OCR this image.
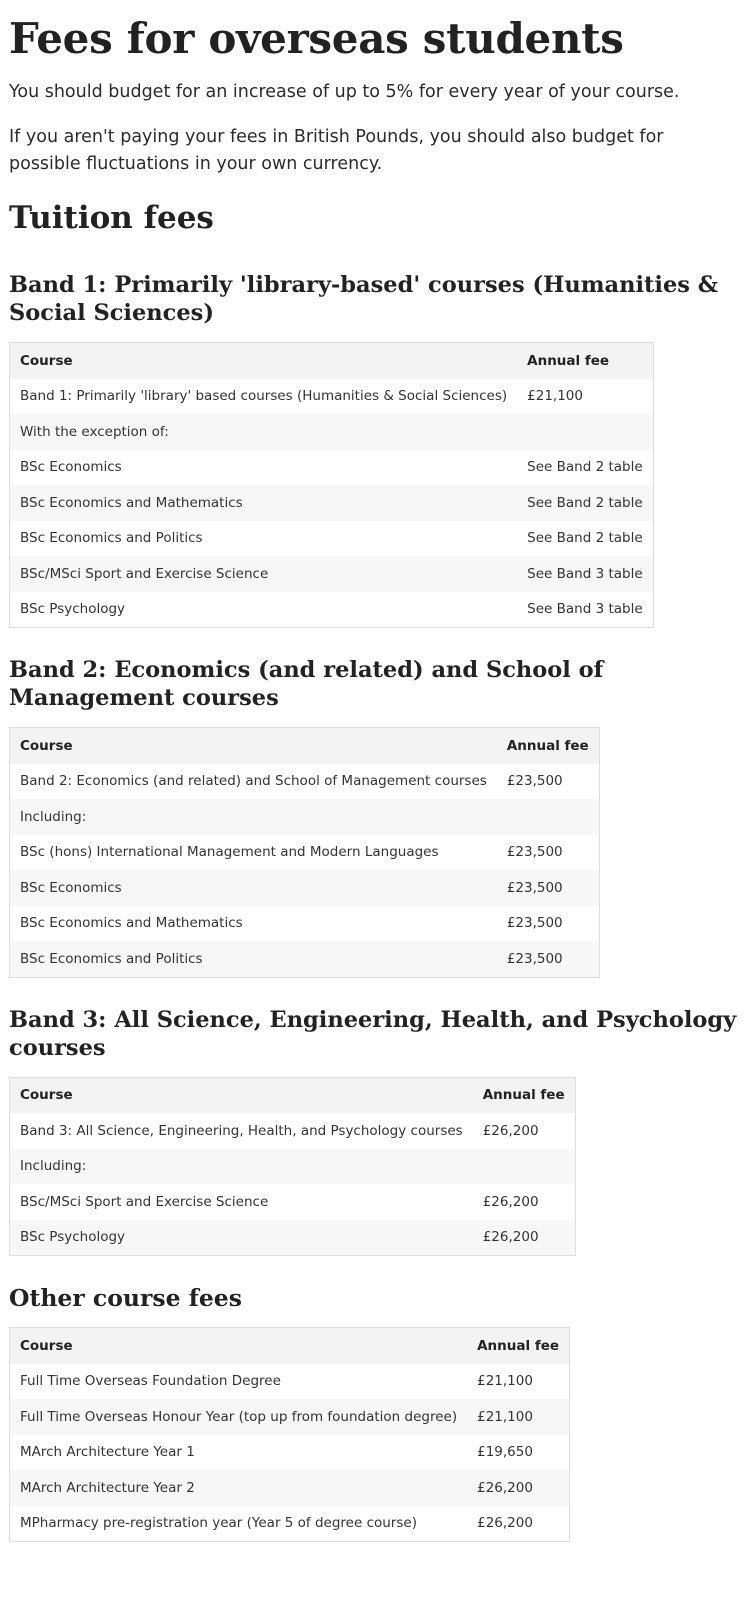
Fees for overseas students

You should budget for an increase of up to 5% for every year of your course.

If you aren't paying your fees in British Pounds, you should also budget for possible fluctuations in your own currency.

Tuition fees
Band 1: Primarily 'library-based' courses (Humanities & Social Sciences)
Course	Annual fee
Band 1: Primarily 'library' based courses (Humanities & Social Sciences)	£21,100
With the exception of:	
BSc Economics	See Band 2 table
BSc Economics and Mathematics	See Band 2 table
BSc Economics and Politics	See Band 2 table
BSc/MSci Sport and Exercise Science	See Band 3 table
BSc Psychology	See Band 3 table
Band 2: Economics (and related) and School of Management courses
Course	Annual fee
Band 2: Economics (and related) and School of Management courses	£23,500
Including:	
BSc (hons) International Management and Modern Languages	£23,500
BSc Economics	£23,500
BSc Economics and Mathematics	£23,500
BSc Economics and Politics	£23,500
Band 3: All Science, Engineering, Health, and Psychology courses
Course	Annual fee
Band 3: All Science, Engineering, Health, and Psychology courses	£26,200
Including:	
BSc/MSci Sport and Exercise Science	£26,200
BSc Psychology	£26,200
Other course fees
Course	Annual fee
Full Time Overseas Foundation Degree	£21,100
Full Time Overseas Honour Year (top up from foundation degree)	£21,100
MArch Architecture Year 1	£19,650
MArch Architecture Year 2	£26,200
MPharmacy pre-registration year (Year 5 of degree course)	£26,200
